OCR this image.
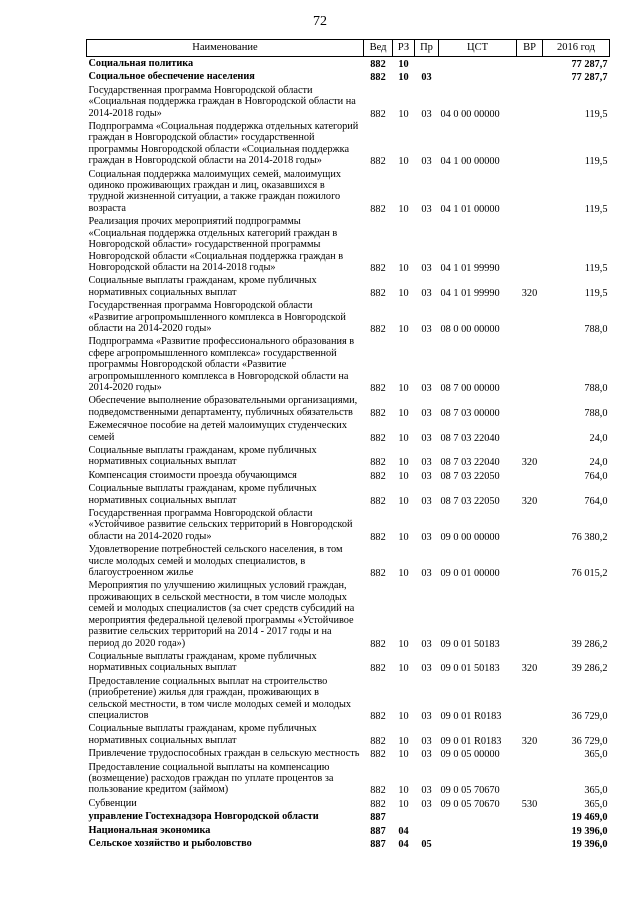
72
Наименование	Вед	РЗ	Пр	ЦСТ	ВР	2016 год
Социальная политика	882	10				77 287,7
Социальное обеспечение населения	882	10	03			77 287,7
Государственная программа Новгородской области «Социальная поддержка граждан в Новгородской области на 2014-2018 годы»	882	10	03	04 0 00 00000		119,5
Подпрограмма «Социальная поддержка отдельных категорий граждан в Новгородской области» государственной программы Новгородской области «Социальная поддержка граждан в Новгородской области на 2014-2018 годы»	882	10	03	04 1 00 00000		119,5
Социальная поддержка малоимущих семей, малоимущих одиноко проживающих граждан и лиц, оказавшихся в трудной жизненной ситуации, а также граждан пожилого возраста	882	10	03	04 1 01 00000		119,5
Реализация прочих мероприятий подпрограммы «Социальная поддержка отдельных категорий граждан в Новгородской области» государственной программы Новгородской области «Социальная поддержка граждан в Новгородской области на 2014-2018 годы»	882	10	03	04 1 01 99990		119,5
Социальные выплаты гражданам, кроме публичных нормативных социальных выплат	882	10	03	04 1 01 99990	320	119,5
Государственная программа Новгородской области «Развитие агропромышленного комплекса в Новгородской области на 2014-2020 годы»	882	10	03	08 0 00 00000		788,0
Подпрограмма «Развитие профессионального образования в сфере агропромышленного комплекса» государственной программы Новгородской области «Развитие агропромышленного комплекса в Новгородской области на 2014-2020 годы»	882	10	03	08 7 00 00000		788,0
Обеспечение выполнение образовательными организациями, подведомственными департаменту, публичных обязательств	882	10	03	08 7 03 00000		788,0
Ежемесячное пособие на детей малоимущих студенческих семей	882	10	03	08 7 03 22040		24,0
Социальные выплаты гражданам, кроме публичных нормативных социальных выплат	882	10	03	08 7 03 22040	320	24,0
Компенсация стоимости проезда обучающимся	882	10	03	08 7 03 22050		764,0
Социальные выплаты гражданам, кроме публичных нормативных социальных выплат	882	10	03	08 7 03 22050	320	764,0
Государственная программа Новгородской области «Устойчивое развитие сельских территорий в Новгородской области на 2014-2020 годы»	882	10	03	09 0 00 00000		76 380,2
Удовлетворение потребностей сельского населения, в том числе молодых семей и молодых специалистов, в благоустроенном жилье	882	10	03	09 0 01 00000		76 015,2
Мероприятия по улучшению жилищных условий граждан, проживающих в сельской местности, в том числе молодых семей и молодых специалистов (за счет средств субсидий на мероприятия федеральной целевой программы «Устойчивое развитие сельских территорий на 2014 - 2017 годы и на период до 2020 года»)	882	10	03	09 0 01 50183		39 286,2
Социальные выплаты гражданам, кроме публичных нормативных социальных выплат	882	10	03	09 0 01 50183	320	39 286,2
Предоставление социальных выплат на строительство (приобретение) жилья для граждан, проживающих в сельской местности, в том числе молодых семей и молодых специалистов	882	10	03	09 0 01 R0183		36 729,0
Социальные выплаты гражданам, кроме публичных нормативных социальных выплат	882	10	03	09 0 01 R0183	320	36 729,0
Привлечение трудоспособных граждан в сельскую местность	882	10	03	09 0 05 00000		365,0
Предоставление социальной выплаты на компенсацию (возмещение) расходов граждан по уплате процентов за пользование кредитом (займом)	882	10	03	09 0 05 70670		365,0
Субвенции	882	10	03	09 0 05 70670	530	365,0
управление Гостехнадзора Новгородской области	887					19 469,0
Национальная экономика	887	04				19 396,0
Сельское хозяйство и рыболовство	887	04	05			19 396,0
